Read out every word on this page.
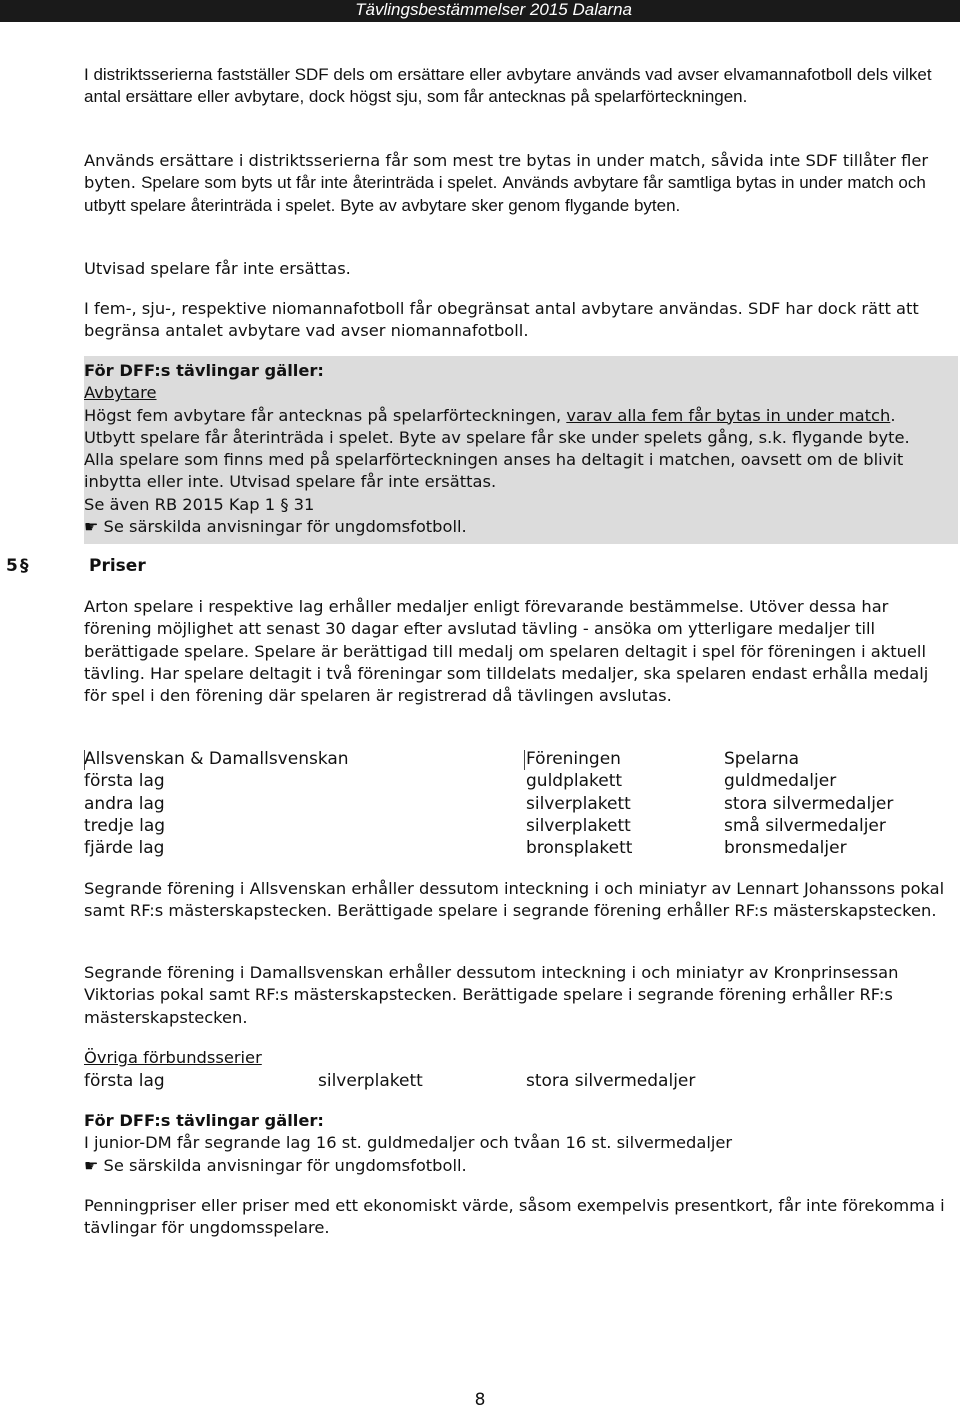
Tävlingsbestämmelser 2015 Dalarna

I distriktsserierna fastställer SDF dels om ersättare eller avbytare används vad avser elvamannafotboll dels vilket antal ersättare eller avbytare, dock högst sju, som får antecknas på spelarförteckningen.

Används ersättare i distriktsserierna får som mest tre bytas in under match, såvida inte SDF tillåter fler byten. Spelare som byts ut får inte återinträda i spelet. Används avbytare får samtliga bytas in under match och utbytt spelare återinträda i spelet. Byte av avbytare sker genom flygande byten.

Utvisad spelare får inte ersättas.

I fem-, sju-, respektive niomannafotboll får obegränsat antal avbytare användas. SDF har dock rätt att begränsa antalet avbytare vad avser niomannafotboll.

För DFF:s tävlingar gäller:
Avbytare
Högst fem avbytare får antecknas på spelarförteckningen, varav alla fem får bytas in under match. Utbytt spelare får återinträda i spelet. Byte av spelare får ske under spelets gång, s.k. flygande byte. Alla spelare som finns med på spelarförteckningen anses ha deltagit i matchen, oavsett om de blivit inbytta eller inte. Utvisad spelare får inte ersättas.
Se även RB 2015 Kap 1 § 31
☛ Se särskilda anvisningar för ungdomsfotboll.
5 §	Priser

Arton spelare i respektive lag erhåller medaljer enligt förevarande bestämmelse. Utöver dessa har förening möjlighet att senast 30 dagar efter avslutad tävling - ansöka om ytterligare medaljer till berättigade spelare. Spelare är berättigad till medalj om spelaren deltagit i spel för föreningen i aktuell tävling. Har spelare deltagit i två föreningar som tilldelats medaljer, ska spelaren endast erhålla medalj för spel i den förening där spelaren är registrerad då tävlingen avslutas.

Allsvenskan & Damallsvenskan	Föreningen	Spelarna
första lag	guldplakett	guldmedaljer
andra lag	silverplakett	stora silvermedaljer
tredje lag	silverplakett	små silvermedaljer
fjärde lag	bronsplakett	bronsmedaljer

Segrande förening i Allsvenskan erhåller dessutom inteckning i och miniatyr av Lennart Johanssons pokal samt RF:s mästerskapstecken. Berättigade spelare i segrande förening erhåller RF:s mästerskapstecken.

Segrande förening i Damallsvenskan erhåller dessutom inteckning i och miniatyr av Kronprinsessan Viktorias pokal samt RF:s mästerskapstecken. Berättigade spelare i segrande förening erhåller RF:s mästerskapstecken.

Övriga förbundsserier
första lag	silverplakett	stora silvermedaljer
För DFF:s tävlingar gäller:
I junior-DM får segrande lag 16 st. guldmedaljer och tvåan 16 st. silvermedaljer
☛ Se särskilda anvisningar för ungdomsfotboll.

Penningpriser eller priser med ett ekonomiskt värde, såsom exempelvis presentkort, får inte förekomma i tävlingar för ungdomsspelare.

8
